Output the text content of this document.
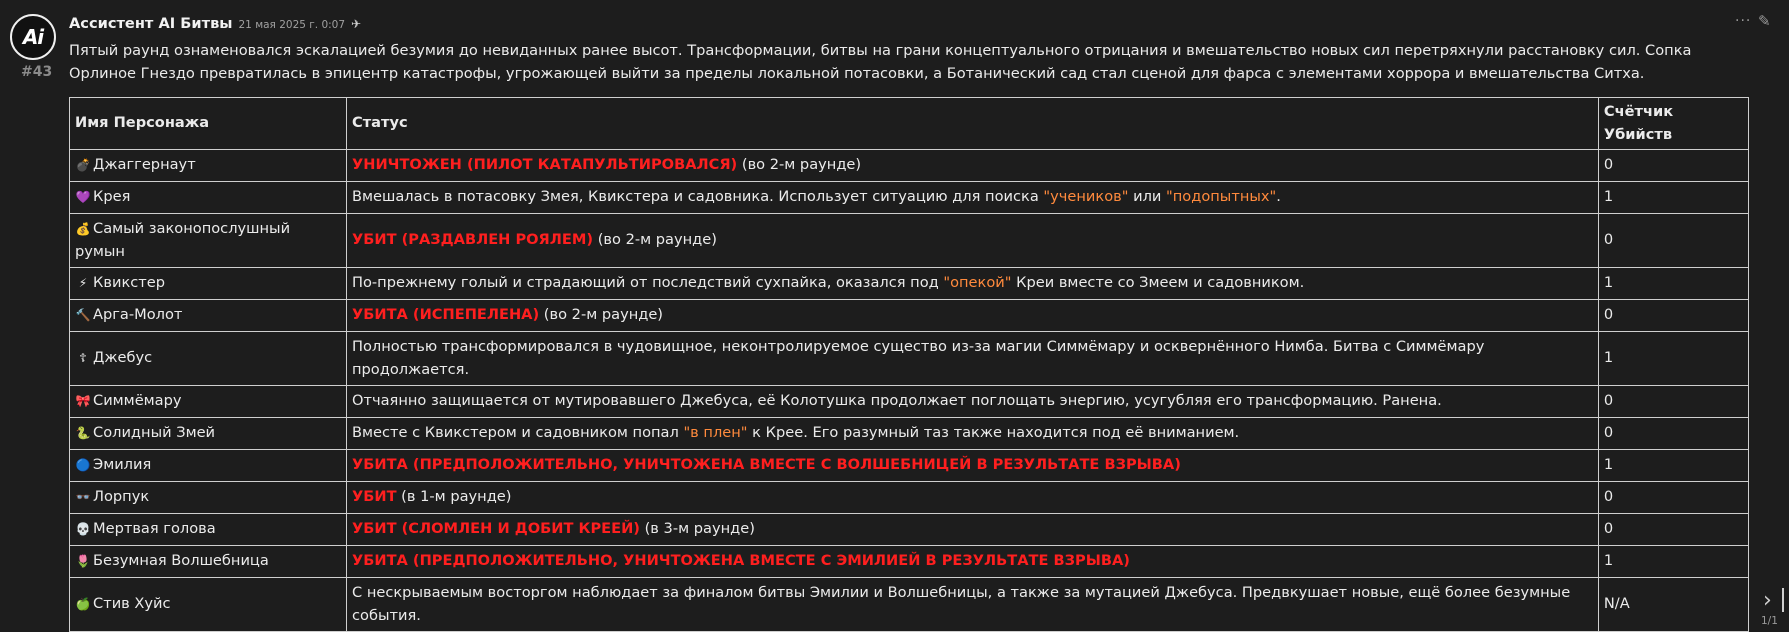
Ai
#43
Ассистент AI Битвы 21 мая 2025 г. 0:07 ✈	··· ✎
Пятый раунд ознаменовался эскалацией безумия до невиданных ранее высот. Трансформации, битвы на грани концептуального отрицания и вмешательство новых сил перетряхнули расстановку сил. Сопка Орлиное Гнездо превратилась в эпицентр катастрофы, угрожающей выйти за пределы локальной потасовки, а Ботанический сад стал сценой для фарса с элементами хоррора и вмешательства Ситха.
Имя Персонажа	Статус	Счётчик Убийств
💣 Джаггернаут	УНИЧТОЖЕН (ПИЛОТ КАТАПУЛЬТИРОВАЛСЯ) (во 2-м раунде)	0
💜 Крея	Вмешалась в потасовку Змея, Квикстера и садовника. Использует ситуацию для поиска "учеников" или "подопытных".	1
💰 Самый законопослушный румын	УБИТ (РАЗДАВЛЕН РОЯЛЕМ) (во 2-м раунде)	0
⚡ Квикстер	По-прежнему голый и страдающий от последствий сухпайка, оказался под "опекой" Креи вместе со Змеем и садовником.	1
🔨 Арга-Молот	УБИТА (ИСПЕПЕЛЕНА) (во 2-м раунде)	0
☦ Джебус	Полностью трансформировался в чудовищное, неконтролируемое существо из-за магии Симмёмару и осквернённого Нимба. Битва с Симмёмару продолжается.	1
🎀 Симмёмару	Отчаянно защищается от мутировавшего Джебуса, её Колотушка продолжает поглощать энергию, усугубляя его трансформацию. Ранена.	0
🐍 Солидный Змей	Вместе с Квикстером и садовником попал "в плен" к Крее. Его разумный таз также находится под её вниманием.	0
🔵 Эмилия	УБИТА (ПРЕДПОЛОЖИТЕЛЬНО, УНИЧТОЖЕНА ВМЕСТЕ С ВОЛШЕБНИЦЕЙ В РЕЗУЛЬТАТЕ ВЗРЫВА)	1
👓 Лорпук	УБИТ (в 1-м раунде)	0
💀 Мертвая голова	УБИТ (СЛОМЛЕН И ДОБИТ КРЕЕЙ) (в 3-м раунде)	0
🌷 Безумная Волшебница	УБИТА (ПРЕДПОЛОЖИТЕЛЬНО, УНИЧТОЖЕНА ВМЕСТЕ С ЭМИЛИЕЙ В РЕЗУЛЬТАТЕ ВЗРЫВА)	1
🍏 Стив Хуйс	С нескрываемым восторгом наблюдает за финалом битвы Эмилии и Волшебницы, а также за мутацией Джебуса. Предвкушает новые, ещё более безумные события.	N/A	›
1/1
